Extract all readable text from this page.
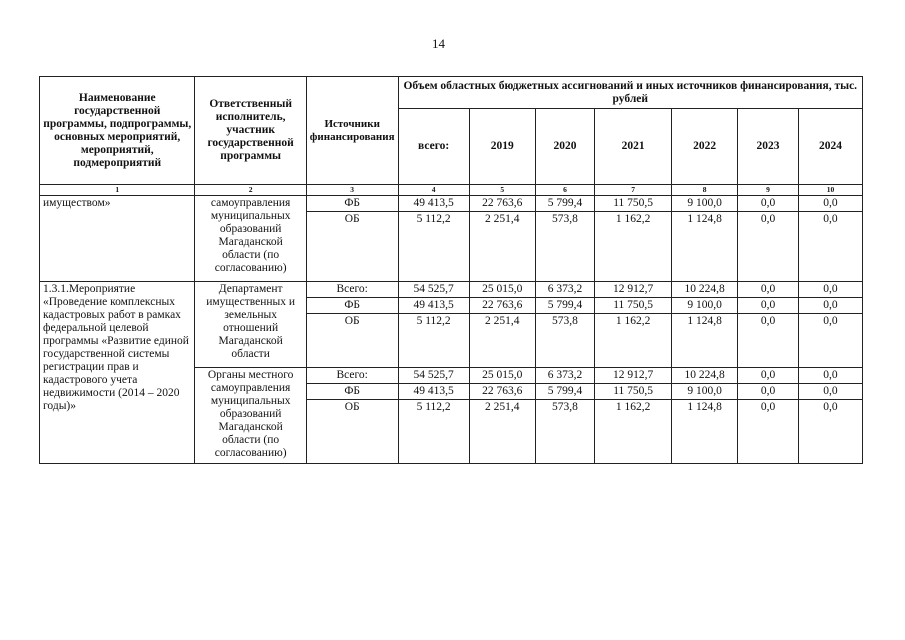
14
Наименование государственной программы, подпрограммы, основных мероприятий, мероприятий, подмероприятий	Ответственный исполнитель, участник государственной программы	Источники финансирования	Объем областных бюджетных ассигнований и иных источников финансирования, тыс. рублей						
			всего:	2019	2020	2021	2022	2023	2024
1	2	3	4	5	6	7	8	9	10
имуществом»	самоуправления муниципальных образований Магаданской области (по согласованию)	ФБ	49 413,5	22 763,6	5 799,4	11 750,5	9 100,0	0,0	0,0
		ОБ	5 112,2	2 251,4	573,8	1 162,2	1 124,8	0,0	0,0
1.3.1.Мероприятие «Проведение комплексных кадастровых работ в рамках федеральной целевой программы «Развитие единой государственной системы регистрации прав и кадастрового учета недвижимости (2014 – 2020 годы)»	Департамент имущественных и земельных отношений Магаданской области	Всего:	54 525,7	25 015,0	6 373,2	12 912,7	10 224,8	0,0	0,0
		ФБ	49 413,5	22 763,6	5 799,4	11 750,5	9 100,0	0,0	0,0
		ОБ	5 112,2	2 251,4	573,8	1 162,2	1 124,8	0,0	0,0
	Органы местного самоуправления муниципальных образований Магаданской области (по согласованию)	Всего:	54 525,7	25 015,0	6 373,2	12 912,7	10 224,8	0,0	0,0
		ФБ	49 413,5	22 763,6	5 799,4	11 750,5	9 100,0	0,0	0,0
		ОБ	5 112,2	2 251,4	573,8	1 162,2	1 124,8	0,0	0,0
